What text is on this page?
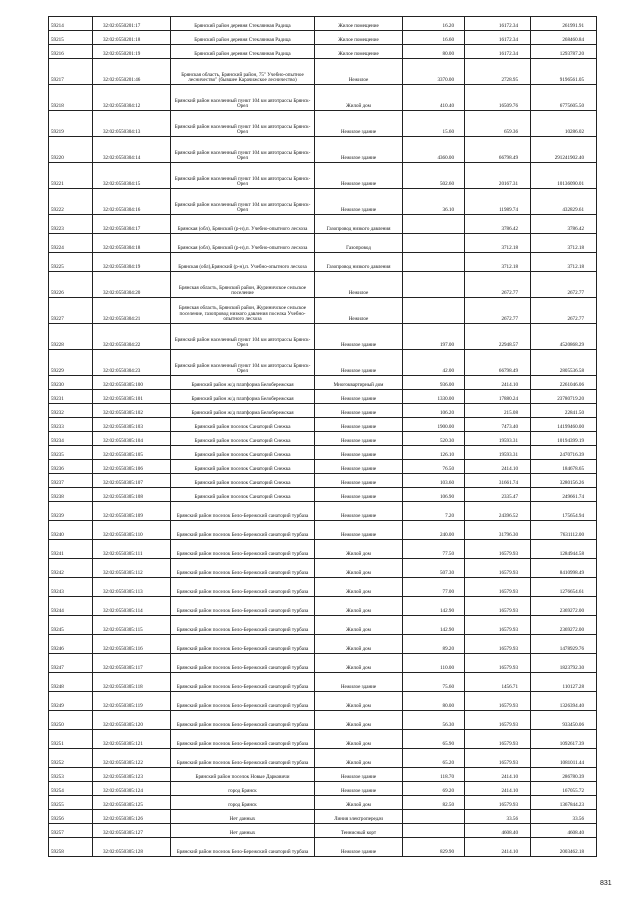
59214	32:02:0550201:17	Брянский район деревня Стеклянная Радица	Жилое помещение	16.20	16172.34	261991.91
59215	32:02:0550201:18	Брянский район деревня Стеклянная Радица	Жилое помещение	16.60	16172.34	268460.84
59216	32:02:0550201:19	Брянский район деревня Стеклянная Радица	Жилое помещение	80.00	16172.34	1293787.20
59217	32:02:0550201:46	Брянская область, Брянский район, 75" Учебно-опытное лесничество" (бывшее Карачижское лесничество)	Нежилое	3370.00	2728.95	9196561.05
59218	32:02:0550304:12	Брянский район населенный пункт 104 км автотрассы Брянск-Орел	Жилой дом	410.40	16509.76	6775605.50
59219	32:02:0550304:13	Брянский район населенный пункт 104 км автотрассы Брянск-Орел	Нежилое здание	15.60	659.36	10286.02
59220	32:02:0550304:14	Брянский район населенный пункт 104 км автотрассы Брянск-Орел	Нежилое здание	4360.00	66798.49	291241902.40
59221	32:02:0550304:15	Брянский район населенный пункт 104 км автотрассы Брянск-Орел	Нежилое здание	502.60	20167.31	10136090.01
59222	32:02:0550304:16	Брянский район населенный пункт 104 км автотрассы Брянск-Орел	Нежилое здание	36.10	11989.74	432829.61
59223	32:02:0550304:17	Брянская (обл), Брянский (р-н),п. Учебно-опытного лесхоза	Газопровод низкого давления		3786.42	3786.42
59224	32:02:0550304:18	Брянская (обл), Брянский (р-н),п. Учебно-опытного лесхоза	Газопровод		3712.18	3712.18
59225	32:02:0550304:19	Брянская (обл),Брянский (р-н),п. Учебно-опытного лесхоза	Газопровод низкого давления		3712.18	3712.18
59226	32:02:0550304:20	Брянская область, Брянский район, Журиничское сельское поселение	Нежилое		2672.77	2672.77
59227	32:02:0550304:21	Брянская область, Брянский район, Журиничское сельское поселение, газопровод низкого давления поселка Учебно-опытного лесхоза	Нежилое		2672.77	2672.77
59228	32:02:0550304:22	Брянский район населенный пункт 104 км автотрассы Брянск-Орел	Нежилое здание	197.00	22948.57	4520868.29
59229	32:02:0550304:23	Брянский район населенный пункт 104 км автотрассы Брянск-Орел	Нежилое здание	42.00	66798.49	2805536.58
59230	32:02:0550305:100	Брянский район ж/д платформа Белобережская	Многоквартирный дом	936.00	2414.10	2261046.06
59231	32:02:0550305:101	Брянский район ж/д платформа Белобережская	Нежилое здание	1330.00	17880.24	23780719.20
59232	32:02:0550305:102	Брянский район ж/д платформа Белобережская	Нежилое здание	106.20	215.08	22841.50
59233	32:02:0550305:103	Брянский район поселок Санаторий Снежка	Нежилое здание	1900.00	7473.40	14199460.00
59234	32:02:0550305:104	Брянский район поселок Санаторий Снежка	Нежилое здание	520.30	19593.31	10194399.19
59235	32:02:0550305:105	Брянский район поселок Санаторий Снежка	Нежилое здание	126.10	19593.31	2470716.39
59236	32:02:0550305:106	Брянский район поселок Санаторий Снежка	Нежилое здание	76.50	2414.10	184678.65
59237	32:02:0550305:107	Брянский район поселок Санаторий Снежка	Нежилое здание	103.60	31661.74	3280156.26
59238	32:02:0550305:108	Брянский район поселок Санаторий Снежка	Нежилое здание	106.90	2335.47	249661.74
59239	32:02:0550305:109	Брянский район поселок Бело-Бережский санаторий турбаза	Нежилое здание	7.20	24396.52	175654.94
59240	32:02:0550305:110	Брянский район поселок Бело-Бережский санаторий турбаза	Нежилое здание	240.00	31796.30	7631112.00
59241	32:02:0550305:111	Брянский район поселок Бело-Бережский санаторий турбаза	Жилой дом	77.50	16579.93	1284944.58
59242	32:02:0550305:112	Брянский район поселок Бело-Бережский санаторий турбаза	Жилой дом	507.30	16579.93	8410998.49
59243	32:02:0550305:113	Брянский район поселок Бело-Бережский санаторий турбаза	Жилой дом	77.00	16579.93	1276654.61
59244	32:02:0550305:114	Брянский район поселок Бело-Бережский санаторий турбаза	Жилой дом	142.90	16579.93	2369272.00
59245	32:02:0550305:115	Брянский район поселок Бело-Бережский санаторий турбаза	Жилой дом	142.90	16579.93	2369272.00
59246	32:02:0550305:116	Брянский район поселок Бело-Бережский санаторий турбаза	Жилой дом	89.20	16579.93	1478929.76
59247	32:02:0550305:117	Брянский район поселок Бело-Бережский санаторий турбаза	Жилой дом	110.00	16579.93	1823792.30
59248	32:02:0550305:118	Брянский район поселок Бело-Бережский санаторий турбаза	Нежилое здание	75.60	1456.71	110127.28
59249	32:02:0550305:119	Брянский район поселок Бело-Бережский санаторий турбаза	Жилой дом	80.00	16579.93	1326394.40
59250	32:02:0550305:120	Брянский район поселок Бело-Бережский санаторий турбаза	Жилой дом	56.30	16579.93	933450.06
59251	32:02:0550305:121	Брянский район поселок Бело-Бережский санаторий турбаза	Жилой дом	65.90	16579.93	1092617.39
59252	32:02:0550305:122	Брянский район поселок Бело-Бережский санаторий турбаза	Жилой дом	65.20	16579.93	1081011.44
59253	32:02:0550305:123	Брянский район поселок Новые Дарковичи	Нежилое здание	118.70	2414.10	286780.39
59254	32:02:0550305:124	город Брянск	Нежилое здание	69.20	2414.10	167055.72
59255	32:02:0550305:125	город Брянск	Жилой дом	82.50	16579.93	1367844.23
59256	32:02:0550305:126	Нет данных	Линия электропередач		33.56	33.56
59257	32:02:0550305:127	Нет данных	Теннисный корт		4608.40	4608.40
59258	32:02:0550305:128	Брянский район поселок Бело-Бережский санаторий турбаза	Нежилое здание	829.90	2414.10	2003462.18
831
